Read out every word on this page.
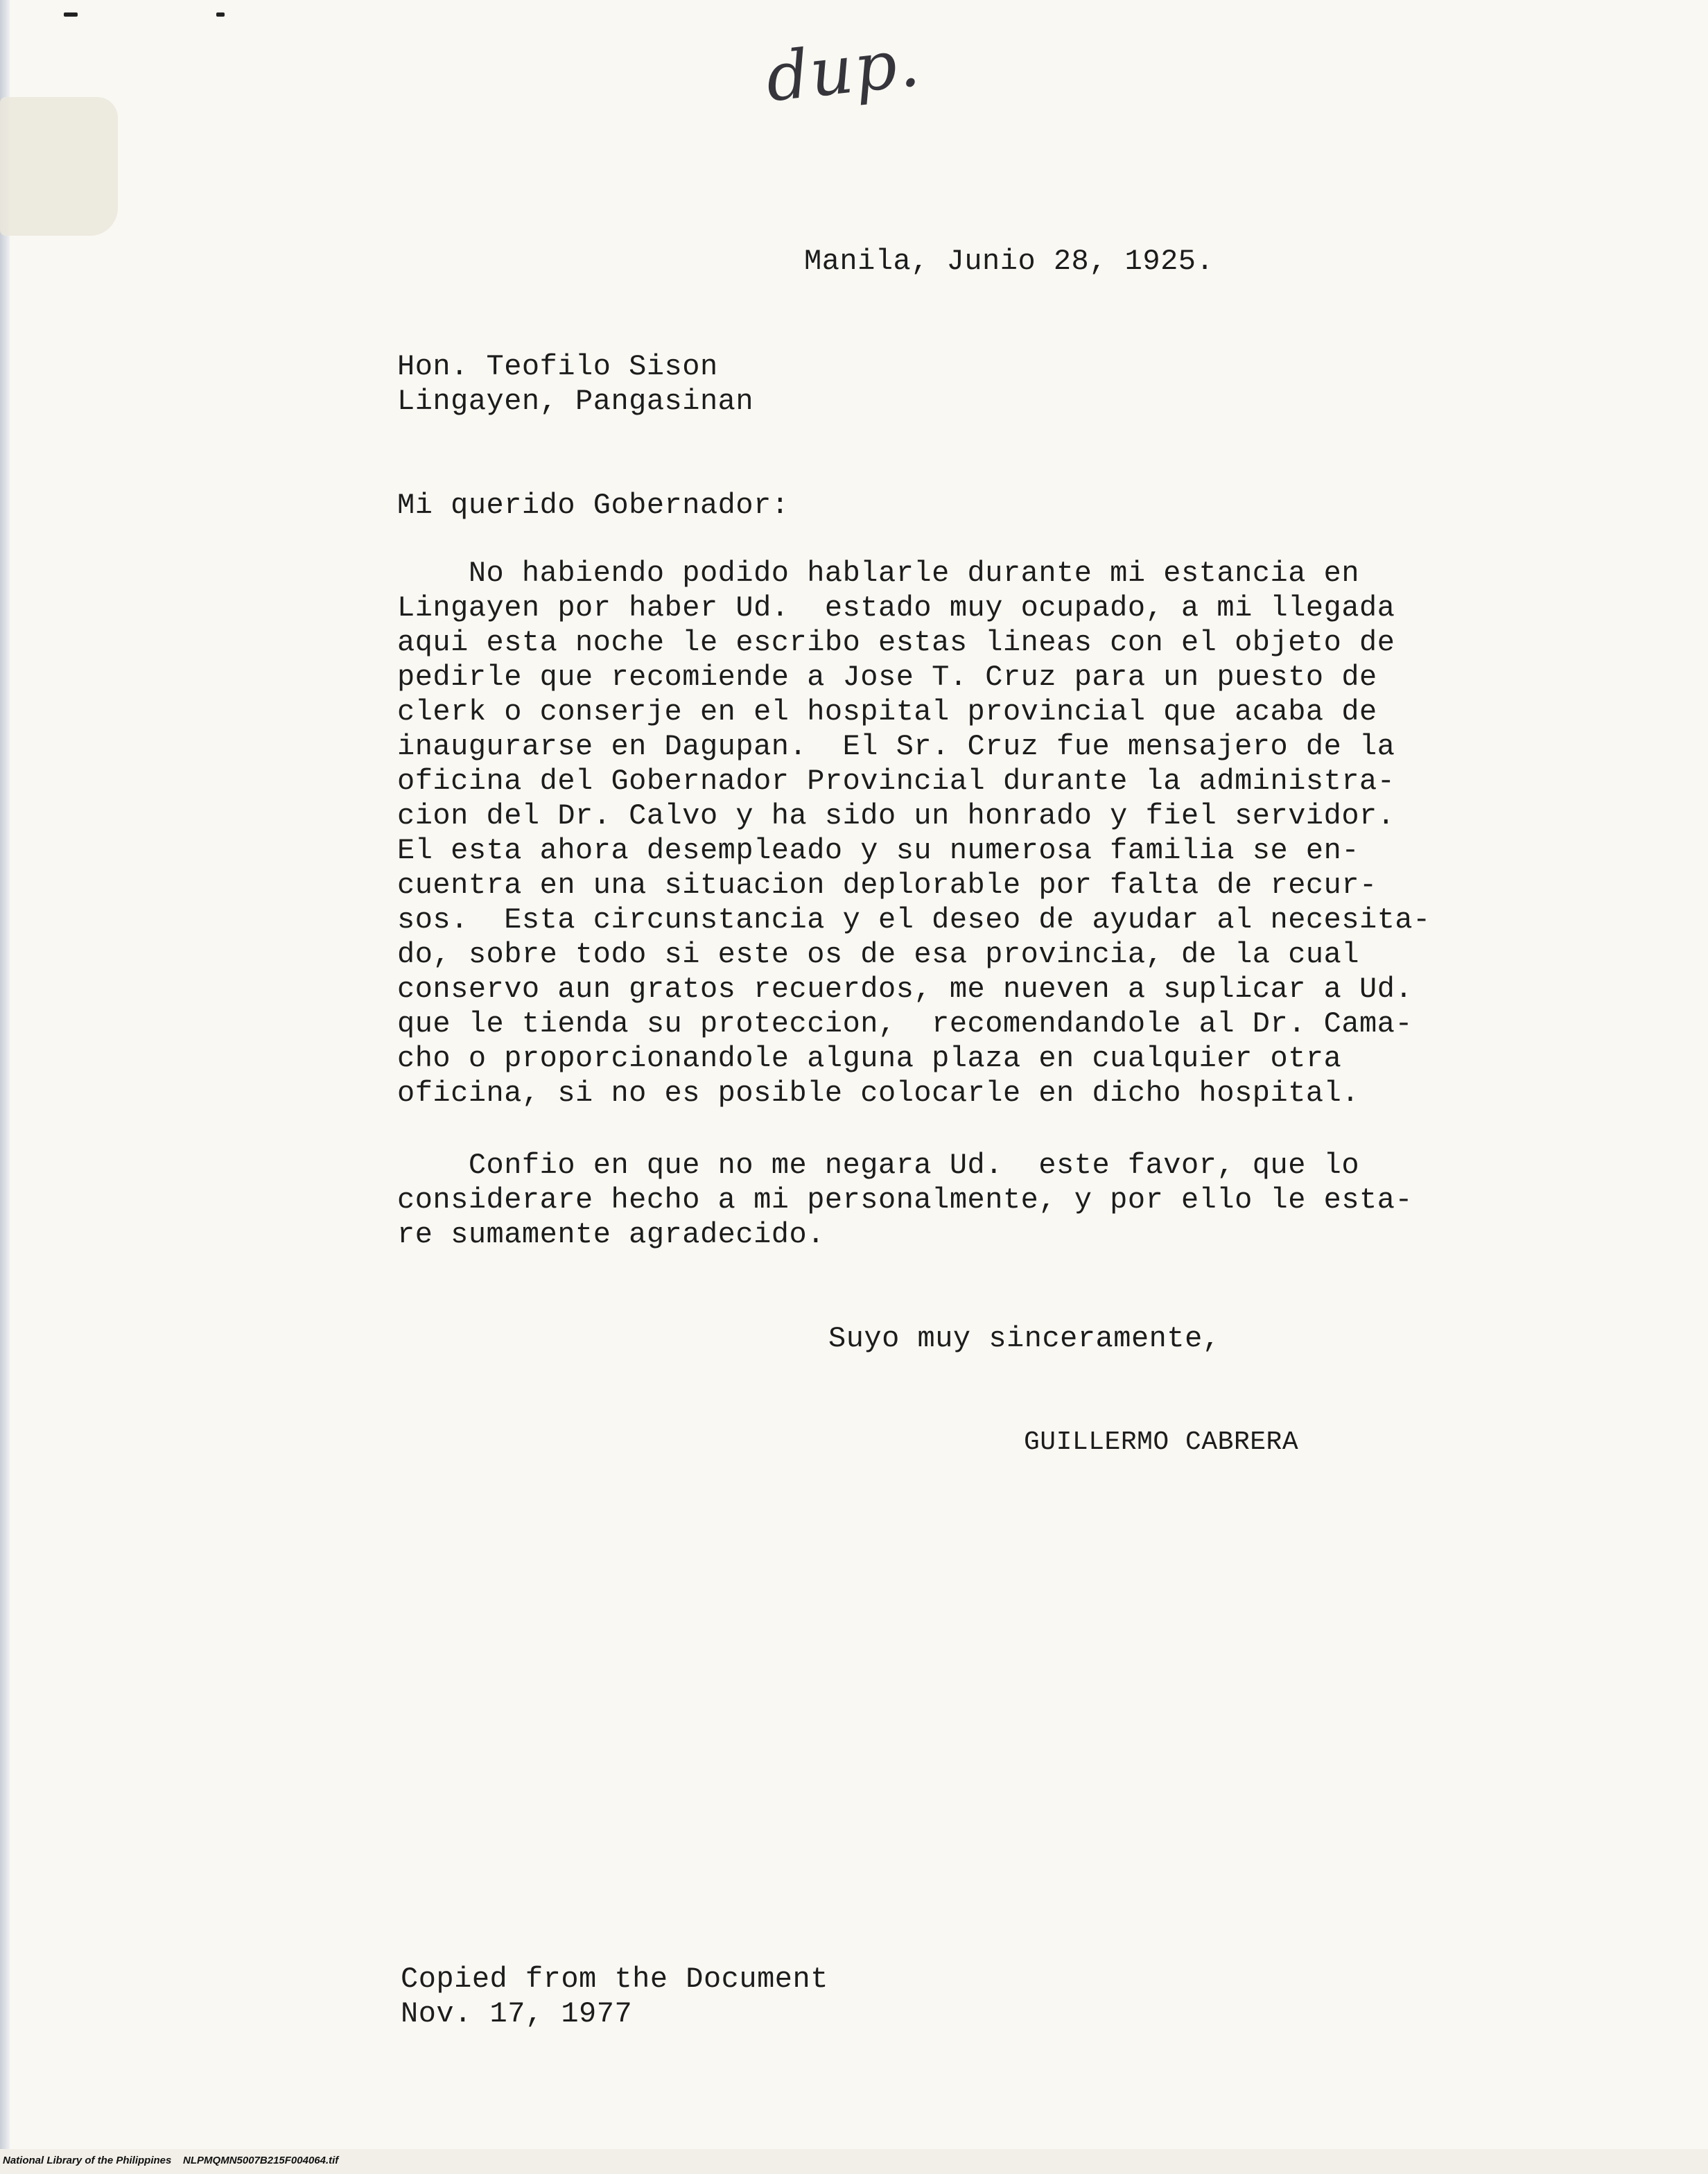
dup.
Manila, Junio 28, 1925.
Hon. Teofilo Sison
Lingayen, Pangasinan
Mi querido Gobernador:
No habiendo podido hablarle durante mi estancia en
Lingayen por haber Ud.  estado muy ocupado, a mi llegada
aqui esta noche le escribo estas lineas con el objeto de
pedirle que recomiende a Jose T. Cruz para un puesto de
clerk o conserje en el hospital provincial que acaba de
inaugurarse en Dagupan.  El Sr. Cruz fue mensajero de la
oficina del Gobernador Provincial durante la administra-
cion del Dr. Calvo y ha sido un honrado y fiel servidor.
El esta ahora desempleado y su numerosa familia se en-
cuentra en una situacion deplorable por falta de recur-
sos.  Esta circunstancia y el deseo de ayudar al necesita-
do, sobre todo si este os de esa provincia, de la cual
conservo aun gratos recuerdos, me nueven a suplicar a Ud.
que le tienda su proteccion,  recomendandole al Dr. Cama-
cho o proporcionandole alguna plaza en cualquier otra
oficina, si no es posible colocarle en dicho hospital.
Confio en que no me negara Ud.  este favor, que lo
considerare hecho a mi personalmente, y por ello le esta-
re sumamente agradecido.
Suyo muy sinceramente,
GUILLERMO CABRERA
Copied from the Document
Nov. 17, 1977
National Library of the Philippines NLPMQMN5007B215F004064.tif
